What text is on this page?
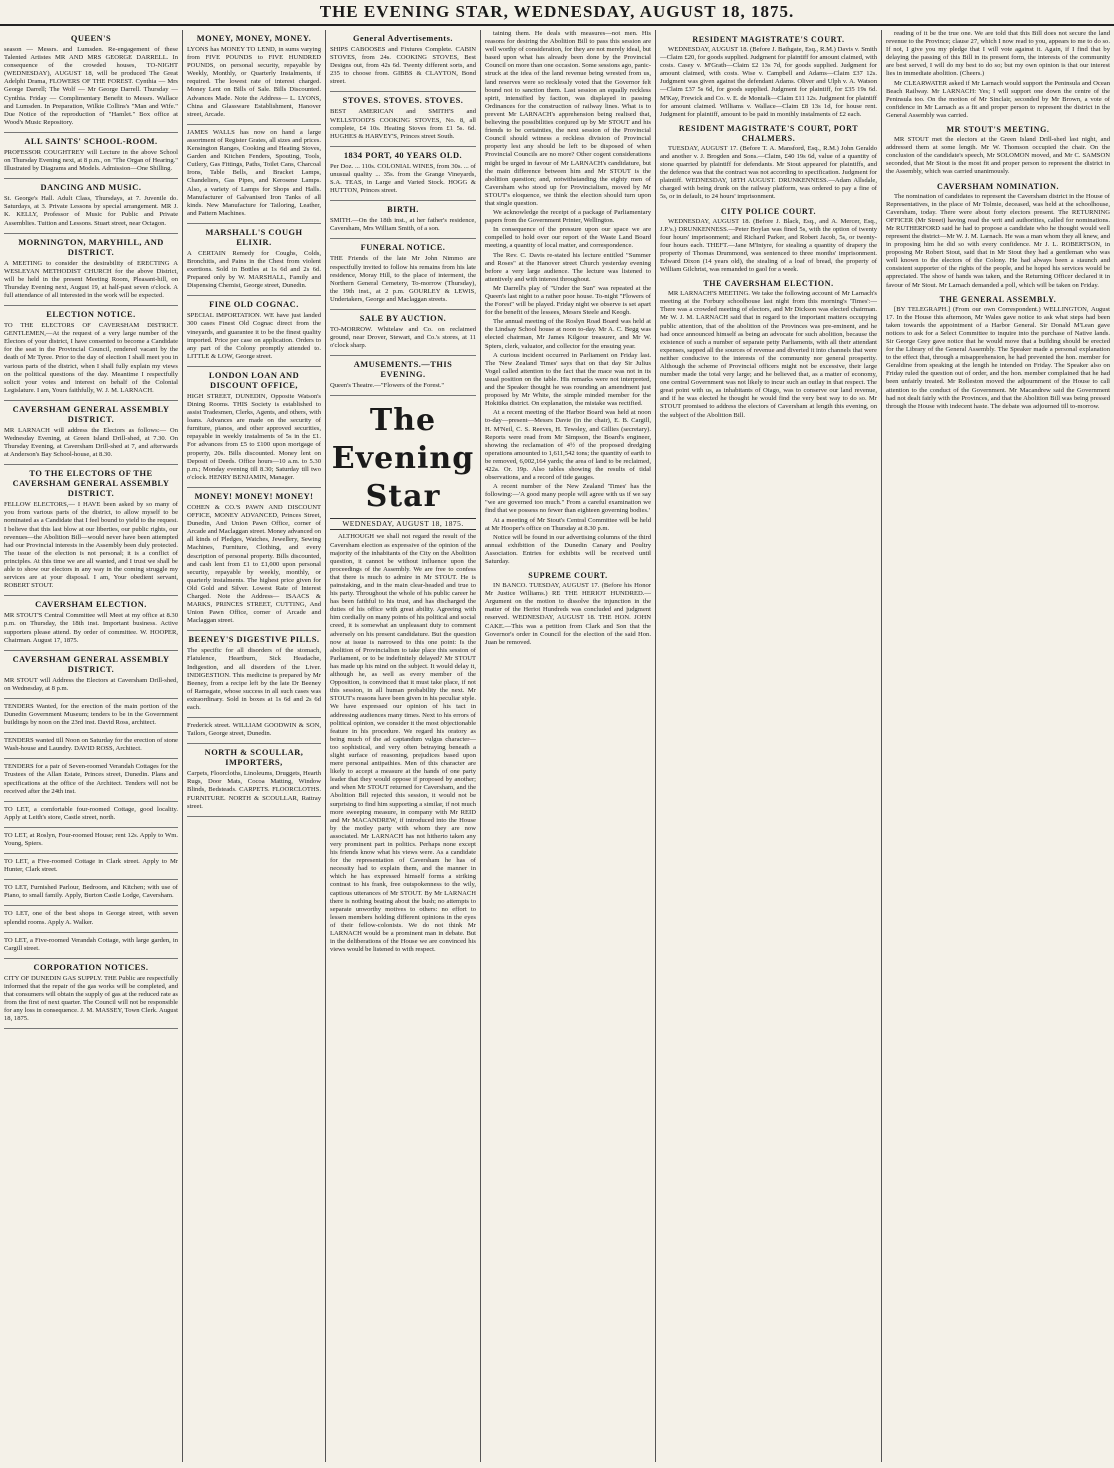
THE EVENING STAR, WEDNESDAY, AUGUST 18, 1875.
QUEEN'S
season — Messrs. and Lumsden. Re-engagement of these Talented Artistes MR AND MRS GEORGE DARRELL. In consequence of the crowded houses, TO-NIGHT (WEDNESDAY), AUGUST 18, will be produced The Great Adelphi Drama, FLOWERS OF THE FOREST. Cynthia — Mrs George Darrell; The Wolf — Mr George Darrell. Thursday — Cynthia. Friday — Complimentary Benefit to Messrs. Wallace and Lumsden. In Preparation, Wilkie Collins's "Man and Wife." Due Notice of the reproduction of "Hamlet." Box office at Wood's Music Repository.
ALL SAINTS' SCHOOL-ROOM.
PROFESSOR COUGHTREY will Lecture in the above School on Thursday Evening next, at 8 p.m., on "The Organ of Hearing." Illustrated by Diagrams and Models. Admission—One Shilling.
DANCING AND MUSIC.
St. George's Hall. Adult Class, Thursdays, at 7. Juvenile do. Saturdays, at 3. Private Lessons by special arrangement. MR J. K. KELLY, Professor of Music for Public and Private Assemblies. Tuition and Lessons. Stuart street, near Octagon.
MORNINGTON, MARYHILL, AND DISTRICT.
A MEETING to consider the desirability of ERECTING A WESLEYAN METHODIST CHURCH for the above District, will be held in the present Meeting Room, Pleasant-hill, on Thursday Evening next, August 19, at half-past seven o'clock. A full attendance of all interested in the work will be expected.
ELECTION NOTICE.
TO THE ELECTORS OF CAVERSHAM DISTRICT. GENTLEMEN,—At the request of a very large number of the Electors of your district, I have consented to become a Candidate for the seat in the Provincial Council, rendered vacant by the death of Mr Tyree. Prior to the day of election I shall meet you in various parts of the district, when I shall fully explain my views on the political questions of the day. Meantime I respectfully solicit your votes and interest on behalf of the Colonial Legislature. I am, Yours faithfully, W. J. M. LARNACH.
CAVERSHAM GENERAL ASSEMBLY DISTRICT.
MR LARNACH will address the Electors as follows:— On Wednesday Evening, at Green Island Drill-shed, at 7.30. On Thursday Evening, at Caversham Drill-shed at 7, and afterwards at Anderson's Bay School-house, at 8.30.
TO THE ELECTORS OF THE CAVERSHAM GENERAL ASSEMBLY DISTRICT.
FELLOW ELECTORS,— I HAVE been asked by so many of you from various parts of the district, to allow myself to be nominated as a Candidate that I feel bound to yield to the request. I believe that this last blow at our liberties, our public rights, our revenues—the Abolition Bill—would never have been attempted had our Provincial interests in the Assembly been duly protected. The issue of the election is not personal; it is a conflict of principles. At this time we are all wanted, and I trust we shall be able to show our electors in any way in the coming struggle my services are at your disposal. I am, Your obedient servant, ROBERT STOUT.
CAVERSHAM ELECTION.
MR STOUT'S Central Committee will Meet at my office at 8.30 p.m. on Thursday, the 18th inst. Important business. Active supporters please attend. By order of committee. W. HOOPER, Chairman. August 17, 1875.
CAVERSHAM GENERAL ASSEMBLY DISTRICT.
MR STOUT will Address the Electors at Caversham Drill-shed, on Wednesday, at 8 p.m.
TENDERS Wanted, for the erection of the main portion of the Dunedin Government Museum; tenders to be in the Government buildings by noon on the 23rd inst. David Ross, architect.
TENDERS wanted till Noon on Saturday for the erection of stone Wash-house and Laundry. DAVID ROSS, Architect.
TENDERS for a pair of Seven-roomed Verandah Cottages for the Trustees of the Allan Estate, Princes street, Dunedin. Plans and specifications at the office of the Architect. Tenders will not be received after the 24th inst.
TO LET, a comfortable four-roomed Cottage, good locality. Apply at Leith's store, Castle street, north.
TO LET, at Roslyn, Four-roomed House; rent 12s. Apply to Wm. Young, Spiers.
TO LET, a Five-roomed Cottage in Clark street. Apply to Mr Hunter, Clark street.
TO LET, Furnished Parlour, Bedroom, and Kitchen; with use of Piano, to small family. Apply, Burton Castle Lodge, Caversham.
TO LET, one of the best shops in George street, with seven splendid rooms. Apply A. Walker.
TO LET, a Five-roomed Verandah Cottage, with large garden, in Cargill street.
CORPORATION NOTICES.
CITY OF DUNEDIN GAS SUPPLY. THE Public are respectfully informed that the repair of the gas works will be completed, and that consumers will obtain the supply of gas at the reduced rate as from the first of next quarter. The Council will not be responsible for any loss in consequence. J. M. MASSEY, Town Clerk. August 18, 1875.
MONEY, MONEY, MONEY.
LYONS has MONEY TO LEND, in sums varying from FIVE POUNDS to FIVE HUNDRED POUNDS, on personal security, repayable by Weekly, Monthly, or Quarterly Instalments, if required. The lowest rate of interest charged. Money Lent on Bills of Sale. Bills Discounted. Advances Made. Note the Address— L. LYONS, China and Glassware Establishment, Hanover street, Arcade.
JAMES WALLS has now on hand a large assortment of Register Grates, all sizes and prices. Kensington Ranges, Cooking and Heating Stoves, Garden and Kitchen Fenders, Spouting, Tools, Cutlery, Gas Fittings, Paths, Toilet Cans, Charcoal Irons, Table Bells, and Bracket Lamps, Chandeliers, Gas Pipes, and Kerosene Lamps. Also, a variety of Lamps for Shops and Halls. Manufacturer of Galvanised Iron Tanks of all kinds. New Manufacture for Tailoring, Leather, and Pattern Machines.
MARSHALL'S COUGH ELIXIR.
A CERTAIN Remedy for Coughs, Colds, Bronchitis, and Pains in the Chest from violent exertions. Sold in Bottles at 1s 6d and 2s 6d. Prepared only by W. MARSHALL, Family and Dispensing Chemist, George street, Dunedin.
FINE OLD COGNAC.
SPECIAL IMPORTATION. WE have just landed 300 cases Finest Old Cognac direct from the vineyards, and guarantee it to be the finest quality imported. Price per case on application. Orders to any part of the Colony promptly attended to. LITTLE & LOW, George street.
LONDON LOAN AND DISCOUNT OFFICE,
HIGH STREET, DUNEDIN, Opposite Watson's Dining Rooms. THIS Society is established to assist Tradesmen, Clerks, Agents, and others, with loans. Advances are made on the security of furniture, pianos, and other approved securities, repayable in weekly instalments of 5s in the £1. For advances from £5 to £100 upon mortgage of property, 20s. Bills discounted. Money lent on Deposit of Deeds. Office hours—10 a.m. to 5.30 p.m.; Monday evening till 8.30; Saturday till two o'clock. HENRY BENJAMIN, Manager.
MONEY! MONEY! MONEY!
COHEN & CO.'S PAWN AND DISCOUNT OFFICE, MONEY ADVANCED, Princes Street, Dunedin, And Union Pawn Office, corner of Arcade and Maclaggan street. Money advanced on all kinds of Pledges, Watches, Jewellery, Sewing Machines, Furniture, Clothing, and every description of personal property. Bills discounted, and cash lent from £1 to £1,000 upon personal security, repayable by weekly, monthly, or quarterly instalments. The highest price given for Old Gold and Silver. Lowest Rate of Interest Charged. Note the Address— ISAACS & MARKS, PRINCES STREET, CUTTING, And Union Pawn Office, corner of Arcade and Maclaggan street.
BEENEY'S DIGESTIVE PILLS.
The specific for all disorders of the stomach, Flatulence, Heartburn, Sick Headache, Indigestion, and all disorders of the Liver. INDIGESTION. This medicine is prepared by Mr Beeney, from a recipe left by the late Dr Beeney of Ramsgate, whose success in all such cases was extraordinary. Sold in boxes at 1s 6d and 2s 6d each.
Frederick street. WILLIAM GOODWIN & SON, Tailors, George street, Dunedin.
NORTH & SCOULLAR, IMPORTERS,
Carpets, Floorcloths, Linoleums, Druggets, Hearth Rugs, Door Mats, Cocoa Matting, Window Blinds, Bedsteads. CARPETS. FLOORCLOTHS. FURNITURE. NORTH & SCOULLAR, Rattray street.
General Advertisements.
SHIPS CABOOSES and Fixtures Complete. CABIN STOVES, from 24s. COOKING STOVES, Best Designs out, from 42s 6d. Twenty different sorts, and 235 to choose from. GIBBS & CLAYTON, Bond street.
STOVES. STOVES. STOVES.
BEST AMERICAN and SMITH'S and WELLSTOOD'S COOKING STOVES, No. 8, all complete, £4 10s. Heating Stoves from £1 5s. 6d. HUGHES & HARVEY'S, Princes street South.
1834 PORT, 40 YEARS OLD.
Per Doz. ... 110s. COLONIAL WINES, from 30s. ... of unusual quality ... 35s. from the Grange Vineyards, S.A. TEAS, in Large and Varied Stock. HOGG & HUTTON, Princes street.
BIRTH.
SMITH.—On the 18th inst., at her father's residence, Caversham, Mrs William Smith, of a son.
FUNERAL NOTICE.
THE Friends of the late Mr John Nimmo are respectfully invited to follow his remains from his late residence, Moray Hill, to the place of interment, the Northern General Cemetery, To-morrow (Thursday), the 19th inst., at 2 p.m. GOURLEY & LEWIS, Undertakers, George and Maclaggan streets.
SALE BY AUCTION.
TO-MORROW. Whitelaw and Co. on reclaimed ground, near Drover, Stewart, and Co.'s stores, at 11 o'clock sharp.
AMUSEMENTS.—THIS EVENING.
Queen's Theatre.—"Flowers of the Forest."
The Evening Star
WEDNESDAY, AUGUST 18, 1875.
ALTHOUGH we shall not regard the result of the Caversham election as expressive of the opinion of the majority of the inhabitants of the City on the Abolition question, it cannot be without influence upon the proceedings of the Assembly. We are free to confess that there is much to admire in Mr STOUT. He is painstaking, and in the main clear-headed and true to his party. Throughout the whole of his public career he has been faithful to his trust, and has discharged the duties of his office with great ability. Agreeing with him cordially on many points of his political and social creed, it is somewhat an unpleasant duty to comment adversely on his present candidature. But the question now at issue is narrowed to this one point: Is the abolition of Provincialism to take place this session of Parliament, or to be indefinitely delayed? Mr STOUT has made up his mind on the subject. It would delay it, although he, as well as every member of the Opposition, is convinced that it must take place, if not this session, in all human probability the next. Mr STOUT's reasons have been given in his peculiar style. We have expressed our opinion of his tact in addressing audiences many times. Next to his errors of political opinion, we consider it the most objectionable feature in his procedure. We regard his oratory as being much of the ad captandum vulgus character—too sophistical, and very often betraying beneath a slight surface of reasoning, prejudices based upon mere personal antipathies. Men of this character are likely to accept a measure at the hands of one party leader that they would oppose if proposed by another; and when Mr STOUT returned for Caversham, and the Abolition Bill rejected this session, it would not be surprising to find him supporting a similar, if not much more sweeping measure, in company with Mr REID and Mr MACANDREW, if introduced into the House by the motley party with whom they are now associated. Mr LARNACH has not hitherto taken any very prominent part in politics. Perhaps none except his friends know what his views were. As a candidate for the representation of Caversham he has of necessity had to explain them, and the manner in which he has expressed himself forms a striking contrast to his frank, free outspokenness to the wily, captious utterances of Mr STOUT. By Mr LARNACH there is nothing beating about the bush; no attempts to separate unworthy motives to others: no effort to lessen members holding different opinions in the eyes of their fellow-colonists. We do not think Mr LARNACH would be a prominent man in debate. But in the deliberations of the House we are convinced his views would be listened to with respect.
taining them. He deals with measures—not men. His reasons for desiring the Abolition Bill to pass this session are well worthy of consideration, for they are not merely ideal, but based upon what has already been done by the Provincial Council on more than one occasion. Some sessions ago, panic-struck at the idea of the land revenue being wrested from us, land reserves were so recklessly voted that the Governor felt bound not to sanction them. Last session an equally reckless spirit, intensified by faction, was displayed in passing Ordinances for the construction of railway lines. What is to prevent Mr LARNACH's apprehension being realised that, believing the possibilities conjured up by Mr STOUT and his friends to be certainties, the next session of the Provincial Council should witness a reckless division of Provincial property lest any should be left to be disposed of when Provincial Councils are no more? Other cogent considerations might be urged in favour of Mr LARNACH's candidature, but the main difference between him and Mr STOUT is the abolition question; and, notwithstanding the eighty men of Caversham who stood up for Provincialism, moved by Mr STOUT's eloquence, we think the election should turn upon that single question.
We acknowledge the receipt of a package of Parliamentary papers from the Government Printer, Wellington.
In consequence of the pressure upon our space we are compelled to hold over our report of the Waste Land Board meeting, a quantity of local matter, and correspondence.
The Rev. C. Davis re-stated his lecture entitled "Summer and Roses" at the Hanover street Church yesterday evening before a very large audience. The lecture was listened to attentively and with interest throughout.
Mr Darrell's play of "Under the Sun" was repeated at the Queen's last night to a rather poor house. To-night "Flowers of the Forest" will be played. Friday night we observe is set apart for the benefit of the lessees, Messrs Steele and Keogh.
The annual meeting of the Roslyn Road Board was held at the Lindsay School house at noon to-day. Mr A. C. Begg was elected chairman, Mr James Kilgour treasurer, and Mr W. Spiers, clerk, valuator, and collector for the ensuing year.
A curious incident occurred in Parliament on Friday last. The 'New Zealand Times' says that on that day Sir Julius Vogel called attention to the fact that the mace was not in its usual position on the table. His remarks were not interpreted, and the Speaker thought he was rounding an amendment just proposed by Mr White, the simple minded member for the Hokitika district. On explanation, the mistake was rectified.
At a recent meeting of the Harbor Board was held at noon to-day—present—Messrs Davie (in the chair), E. B. Cargill, H. M'Neil, C. S. Reeves, H. Tewsley, and Gillies (secretary). Reports were read from Mr Simpson, the Board's engineer, showing the reclamation of 4½ of the proposed dredging operations amounted to 1,611,542 tons; the quantity of earth to be removed, 6,002,164 yards; the area of land to be reclaimed, 422a. Or. 19p. Also tables showing the results of tidal observations, and a record of tide gauges.
A recent number of the New Zealand 'Times' has the following:—'A good many people will agree with us if we say "we are governed too much." From a careful examination we find that we possess no fewer than eighteen governing bodies.'
At a meeting of Mr Stout's Central Committee will be held at Mr Hooper's office on Thursday at 8.30 p.m.
Notice will be found in our advertising columns of the third annual exhibition of the Dunedin Canary and Poultry Association. Entries for exhibits will be received until Saturday.
SUPREME COURT.
IN BANCO. TUESDAY, AUGUST 17. (Before his Honor Mr Justice Williams.) RE THE HERIOT HUNDRED.—Argument on the motion to dissolve the injunction in the matter of the Heriot Hundreds was concluded and judgment reserved. WEDNESDAY, AUGUST 18. THE HON. JOHN CAKE.—This was a petition from Clark and Son that the Governor's order in Council for the election of the said Hon. Juan be removed.
RESIDENT MAGISTRATE'S COURT.
WEDNESDAY, AUGUST 18. (Before J. Bathgate, Esq., R.M.) Davis v. Smith—Claim £20, for goods supplied. Judgment for plaintiff for amount claimed, with costs. Casey v. M'Grath—Claim £2 13s 7d, for goods supplied. Judgment for amount claimed, with costs. Wise v. Campbell and Adams—Claim £37 12s. Judgment was given against the defendant Adams. Oliver and Ulph v. A. Watson—Claim £37 5s 6d, for goods supplied. Judgment for plaintiff, for £35 19s 6d. M'Kay, Frewick and Co. v. E. de Montalk—Claim £11 12s. Judgment for plaintiff for amount claimed. Williams v. Wallace—Claim £8 13s 1d, for house rent. Judgment for plaintiff, amount to be paid in monthly instalments of £2 each.
RESIDENT MAGISTRATE'S COURT, PORT CHALMERS.
TUESDAY, AUGUST 17. (Before T. A. Mansford, Esq., R.M.) John Geraldo and another v. J. Brogden and Sons.—Claim, £40 19s 6d, value of a quantity of stone quarried by plaintiff for defendants. Mr Stout appeared for plaintiffs, and the defence was that the contract was not according to specification. Judgment for plaintiff. WEDNESDAY, 18TH AUGUST. DRUNKENNESS.—Adam Allsdale, charged with being drunk on the railway platform, was ordered to pay a fine of 5s, or in default, to 24 hours' imprisonment.
CITY POLICE COURT.
WEDNESDAY, AUGUST 18. (Before J. Black, Esq., and A. Mercer, Esq., J.P.'s.) DRUNKENNESS.—Peter Boylan was fined 5s, with the option of twenty four hours' imprisonment; and Richard Parker, and Robert Jacob, 5s, or twenty-four hours each. THEFT.—Jane M'Intyre, for stealing a quantity of drapery the property of Thomas Drummond, was sentenced to three months' imprisonment. Edward Dixon (14 years old), the stealing of a loaf of bread, the property of William Gilchrist, was remanded to gaol for a week.
THE CAVERSHAM ELECTION.
MR LARNACH'S MEETING. We take the following account of Mr Larnach's meeting at the Forbury schoolhouse last night from this morning's 'Times':— There was a crowded meeting of electors, and Mr Dickson was elected chairman. Mr W. J. M. LARNACH said that in regard to the important matters occupying public attention, that of the abolition of the Provinces was pre-eminent, and he had once announced himself as being an advocate for such abolition, because the existence of such a number of separate petty Parliaments, with all their attendant expenses, sapped all the sources of revenue and diverted it into channels that were neither conducive to the interests of the community nor general prosperity. Although the scheme of Provincial officers might not be excessive, their large number made the total very large; and he believed that, as a matter of economy, one central Government was not likely to incur such an outlay in that respect. The great point with us, as inhabitants of Otago, was to conserve our land revenue, and if he was elected he thought he would find the very best way to do so. Mr STOUT promised to address the electors of Caversham at length this evening, on the subject of the Abolition Bill.
reading of it be the true one. We are told that this Bill does not secure the land revenue to the Province; clause 27, which I now read to you, appears to me to do so. If not, I give you my pledge that I will vote against it. Again, if I find that by delaying the passing of this Bill in its present form, the interests of the community are best served, I will do my best to do so; but my own opinion is that our interest lies in immediate abolition. (Cheers.)
Mr CLEARWATER asked if Mr Larnach would support the Peninsula and Ocean Beach Railway. Mr LARNACH: Yes; I will support one down the centre of the Peninsula too. On the motion of Mr Sinclair, seconded by Mr Brown, a vote of confidence in Mr Larnach as a fit and proper person to represent the district in the General Assembly was carried.
MR STOUT'S MEETING.
MR STOUT met the electors at the Green Island Drill-shed last night, and addressed them at some length. Mr W. Thomson occupied the chair. On the conclusion of the candidate's speech, Mr SOLOMON moved, and Mr C. SAMSON seconded, that Mr Stout is the most fit and proper person to represent the district in the Assembly, which was carried unanimously.
CAVERSHAM NOMINATION.
The nomination of candidates to represent the Caversham district in the House of Representatives, in the place of Mr Tolmie, deceased, was held at the schoolhouse, Caversham, today. There were about forty electors present. The RETURNING OFFICER (Mr Street) having read the writ and authorities, called for nominations. Mr RUTHERFORD said he had to propose a candidate who he thought would well represent the district—Mr W. J. M. Larnach. He was a man whom they all knew, and in proposing him he did so with every confidence. Mr J. L. ROBERTSON, in proposing Mr Robert Stout, said that in Mr Stout they had a gentleman who was well known to the electors of the Colony. He had always been a staunch and consistent supporter of the rights of the people, and he hoped his services would be appreciated. The show of hands was taken, and the Returning Officer declared it in favour of Mr Stout. Mr Larnach demanded a poll, which will be taken on Friday.
THE GENERAL ASSEMBLY.
[BY TELEGRAPH.] (From our own Correspondent.) WELLINGTON, August 17. In the House this afternoon, Mr Wales gave notice to ask what steps had been taken towards the appointment of a Harbor General. Sir Donald M'Lean gave notices to ask for a Select Committee to inquire into the purchase of Native lands. Sir George Grey gave notice that he would move that a building should be erected for the Library of the General Assembly. The Speaker made a personal explanation to the effect that, through a misapprehension, he had prevented the hon. member for Geraldine from speaking at the length he intended on Friday. The Speaker also on Friday ruled the question out of order, and the hon. member complained that he had been unfairly treated. Mr Rolleston moved the adjournment of the House to call attention to the conduct of the Government. Mr Macandrew said the Government had not dealt fairly with the Provinces, and that the Abolition Bill was being pressed through the House with indecent haste. The debate was adjourned till to-morrow.
